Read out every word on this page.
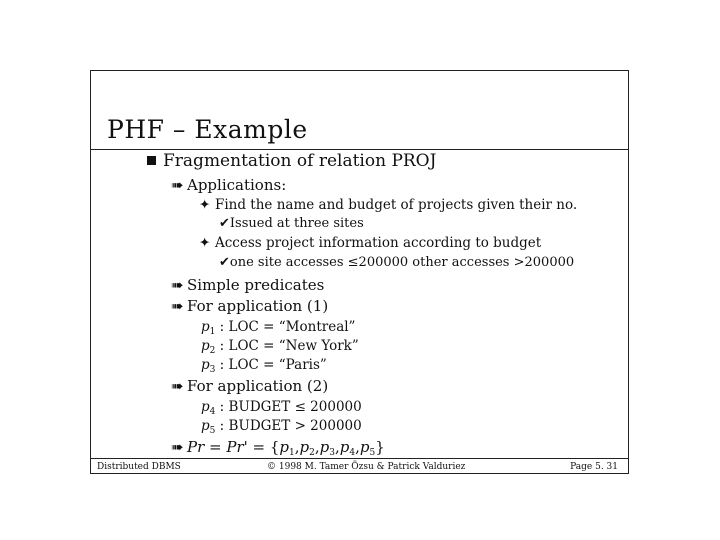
PHF – Example
Fragmentation of relation PROJ
➠ Applications:
✦ Find the name and budget of projects given their no.
✔Issued at three sites
✦ Access project information according to budget
✔one site accesses ≤200000 other accesses >200000
➠ Simple predicates
➠ For application (1)
$p_1$ : LOC = “Montreal”
$p_2$ : LOC = “New York”
$p_3$ : LOC = “Paris”
➠ For application (2)
$p_4$ : BUDGET ≤ 200000
$p_5$ : BUDGET > 200000
➠ $Pr = Pr' = \{p_1,p_2,p_3,p_4,p_5\}$
Distributed DBMS	© 1998 M. Tamer Özsu & Patrick Valduriez	Page 5. 31
